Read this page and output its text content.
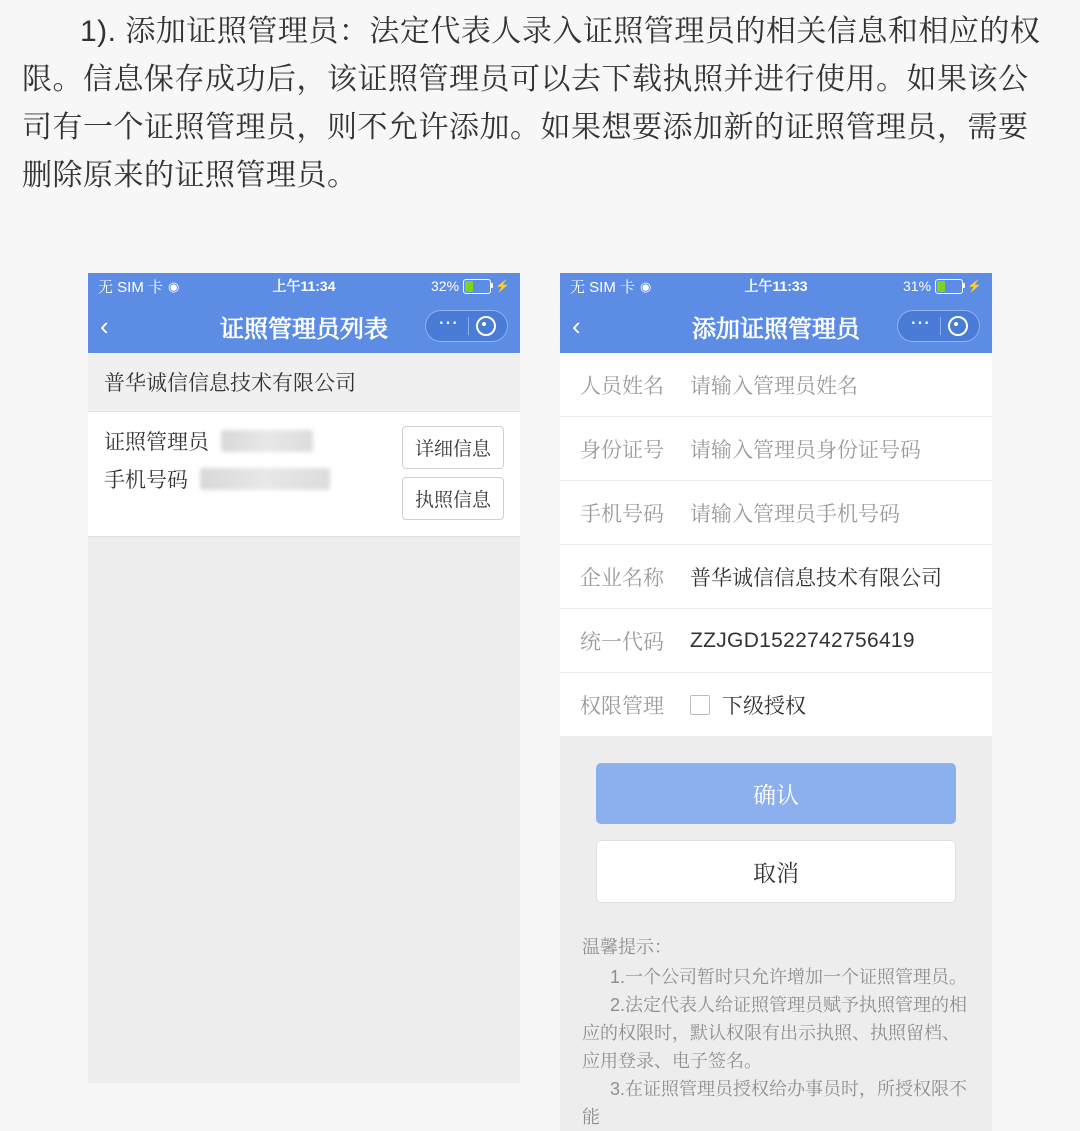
1). 添加证照管理员：法定代表人录入证照管理员的相关信息和相应的权限。信息保存成功后，该证照管理员可以去下载执照并进行使用。如果该公司有一个证照管理员，则不允许添加。如果想要添加新的证照管理员，需要删除原来的证照管理员。
无 SIM 卡 ◉	上午11:34	32%	⚡
‹	证照管理员列表	⋯
普华诚信信息技术有限公司
证照管理员
手机号码
详细信息
执照信息
无 SIM 卡 ◉	上午11:33	31%	⚡
‹	添加证照管理员	⋯
人员姓名	请输入管理员姓名
身份证号	请输入管理员身份证号码
手机号码	请输入管理员手机号码
企业名称	普华诚信信息技术有限公司
统一代码	ZZJGD1522742756419
权限管理	下级授权
确认
取消
温馨提示：
1.一个公司暂时只允许增加一个证照管理员。
2.法定代表人给证照管理员赋予执照管理的相应的权限时，默认权限有出示执照、执照留档、应用登录、电子签名。
3.在证照管理员授权给办事员时，所授权限不能
